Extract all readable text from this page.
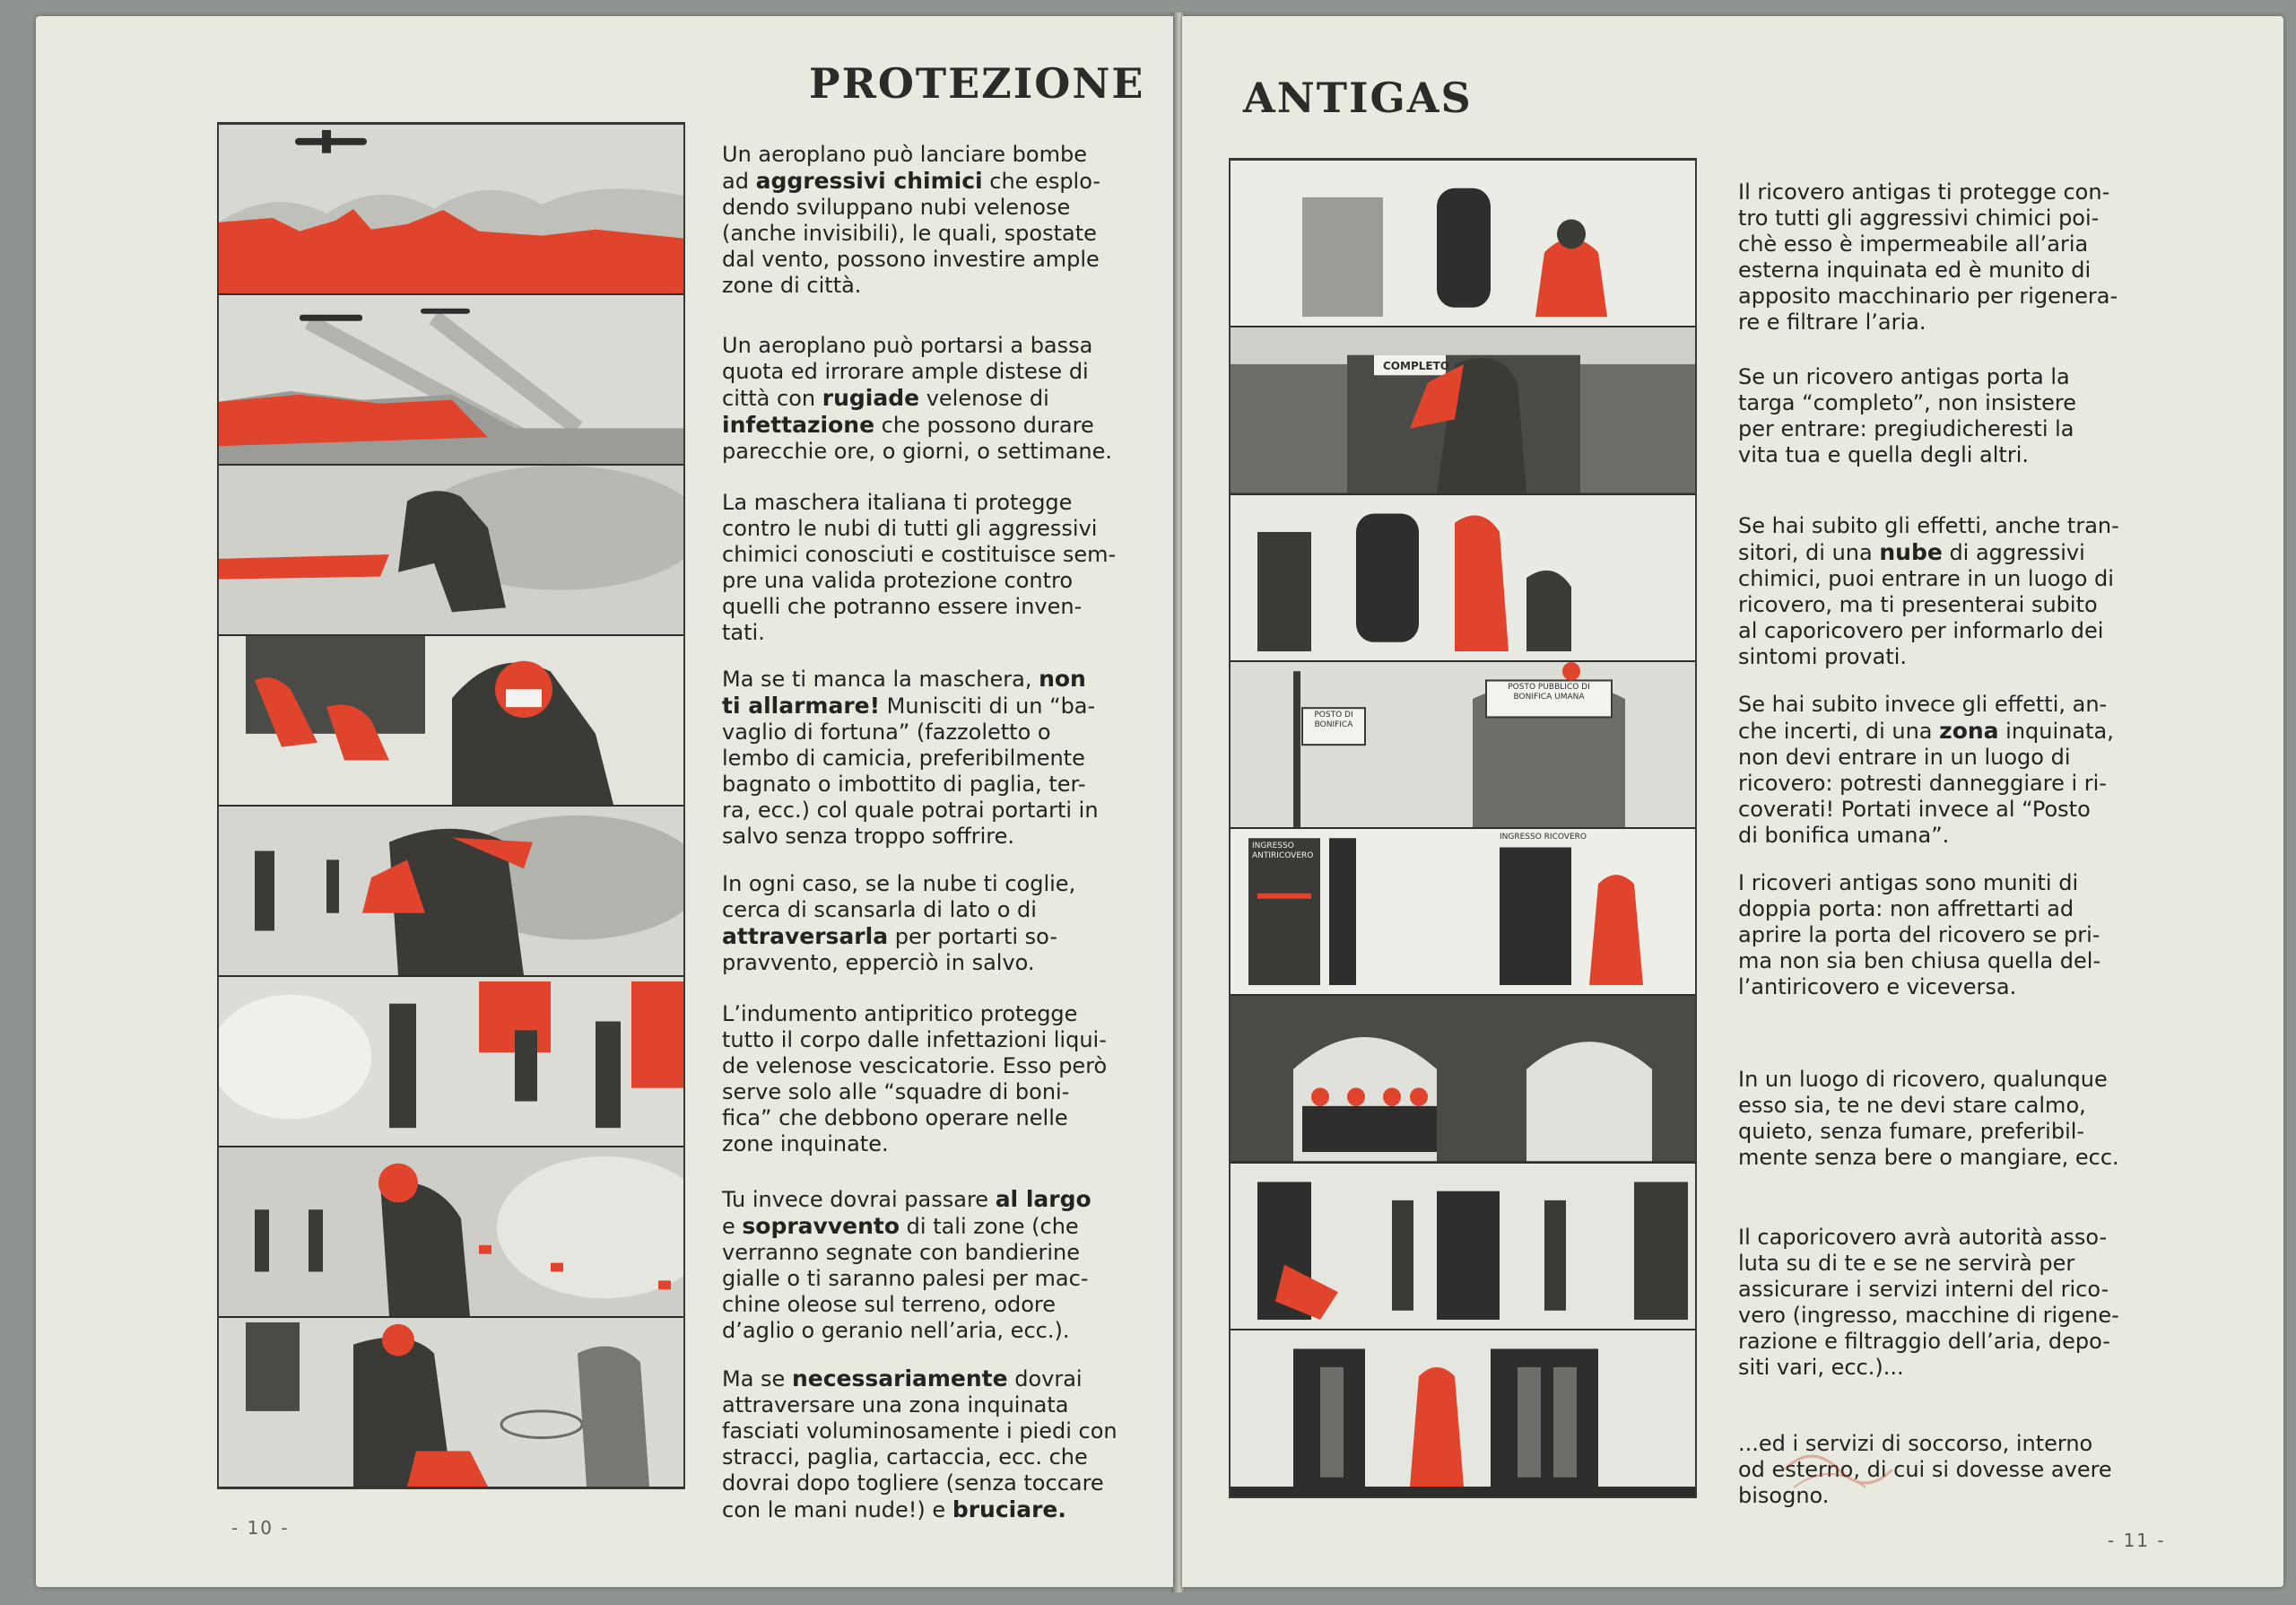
PROTEZIONE

Un aeroplano può lanciare bombe
ad aggressivi chimici che esplo-
dendo sviluppano nubi velenose
(anche invisibili), le quali, spostate
dal vento, possono investire ample
zone di città.

Un aeroplano può portarsi a bassa
quota ed irrorare ample distese di
città con rugiade velenose di
infettazione che possono durare
parecchie ore, o giorni, o settimane.

La maschera italiana ti protegge
contro le nubi di tutti gli aggressivi
chimici conosciuti e costituisce sem-
pre una valida protezione contro
quelli che potranno essere inven-
tati.

Ma se ti manca la maschera, non
ti allarmare! Munisciti di un “ba-
vaglio di fortuna” (fazzoletto o
lembo di camicia, preferibilmente
bagnato o imbottito di paglia, ter-
ra, ecc.) col quale potrai portarti in
salvo senza troppo soffrire.

In ogni caso, se la nube ti coglie,
cerca di scansarla di lato o di
attraversarla per portarti so-
pravvento, epperciò in salvo.

L’indumento antipritico protegge
tutto il corpo dalle infettazioni liqui-
de velenose vescicatorie. Esso però
serve solo alle “squadre di boni-
fica” che debbono operare nelle
zone inquinate.

Tu invece dovrai passare al largo
e sopravvento di tali zone (che
verranno segnate con bandierine
gialle o ti saranno palesi per mac-
chine oleose sul terreno, odore
d’aglio o geranio nell’aria, ecc.).

Ma se necessariamente dovrai
attraversare una zona inquinata
fasciati voluminosamente i piedi con
stracci, paglia, cartaccia, ecc. che
dovrai dopo togliere (senza toccare
con le mani nude!) e bruciare.

- 10 -
ANTIGAS
COMPLETO
POSTO DI BONIFICA
POSTO PUBBLICO DI BONIFICA UMANA
INGRESSO ANTIRICOVERO
INGRESSO RICOVERO

Il ricovero antigas ti protegge con-
tro tutti gli aggressivi chimici poi-
chè esso è impermeabile all’aria
esterna inquinata ed è munito di
apposito macchinario per rigenera-
re e filtrare l’aria.

Se un ricovero antigas porta la
targa “completo”, non insistere
per entrare: pregiudicheresti la
vita tua e quella degli altri.

Se hai subito gli effetti, anche tran-
sitori, di una nube di aggressivi
chimici, puoi entrare in un luogo di
ricovero, ma ti presenterai subito
al caporicovero per informarlo dei
sintomi provati.

Se hai subito invece gli effetti, an-
che incerti, di una zona inquinata,
non devi entrare in un luogo di
ricovero: potresti danneggiare i ri-
coverati! Portati invece al “Posto
di bonifica umana”.

I ricoveri antigas sono muniti di
doppia porta: non affrettarti ad
aprire la porta del ricovero se pri-
ma non sia ben chiusa quella del-
l’antiricovero e viceversa.

In un luogo di ricovero, qualunque
esso sia, te ne devi stare calmo,
quieto, senza fumare, preferibil-
mente senza bere o mangiare, ecc.

Il caporicovero avrà autorità asso-
luta su di te e se ne servirà per
assicurare i servizi interni del rico-
vero (ingresso, macchine di rigene-
razione e filtraggio dell’aria, depo-
siti vari, ecc.)...

...ed i servizi di soccorso, interno
od esterno, di cui si dovesse avere
bisogno.

- 11 -
